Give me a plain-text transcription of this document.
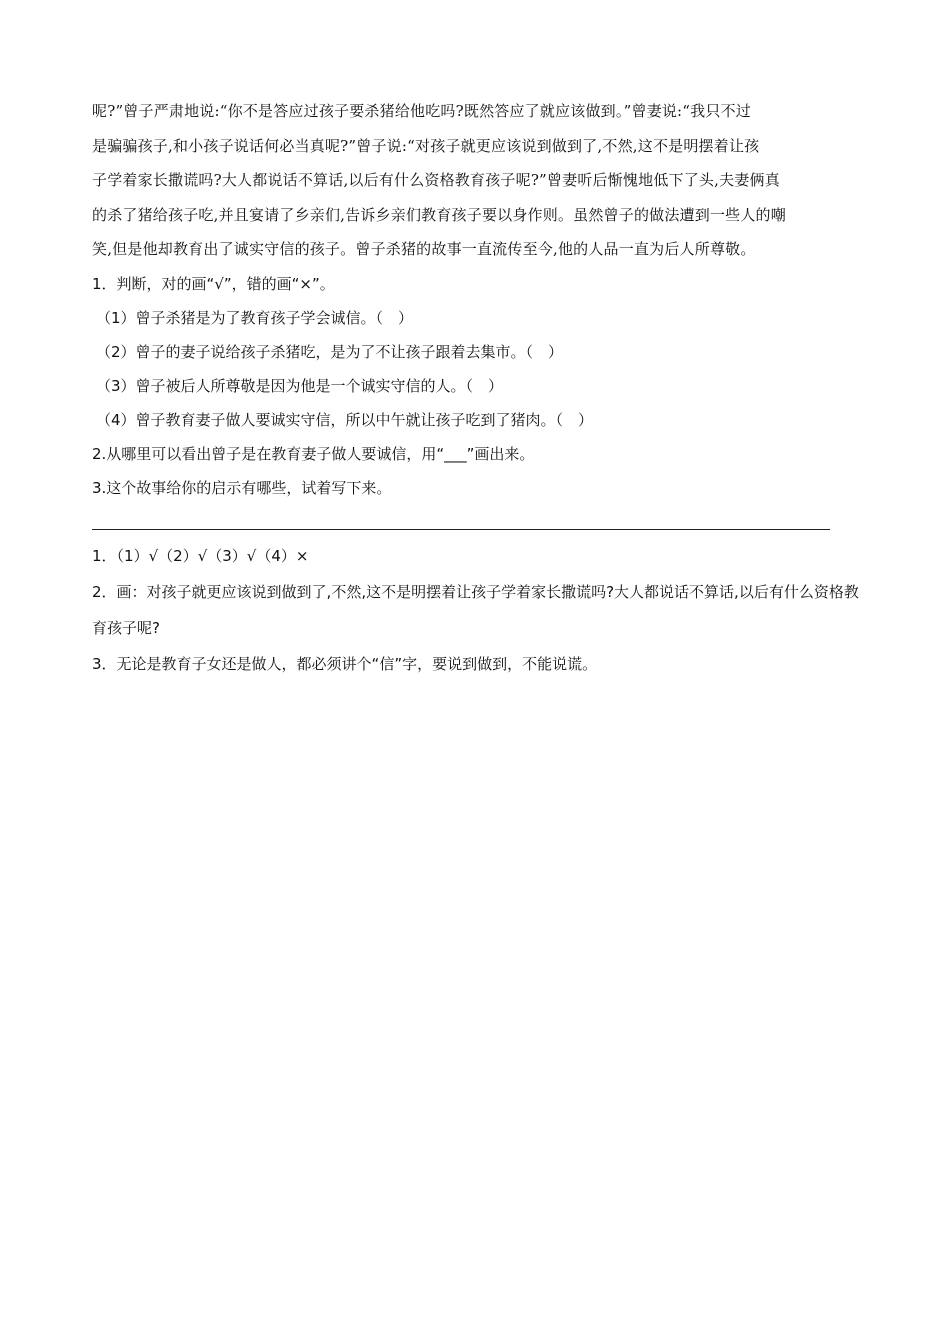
呢?”曾子严肃地说:“你不是答应过孩子要杀猪给他吃吗?既然答应了就应该做到。”曾妻说:“我只不过

是骗骗孩子,和小孩子说话何必当真呢?”曾子说:“对孩子就更应该说到做到了,不然,这不是明摆着让孩

子学着家长撒谎吗?大人都说话不算话,以后有什么资格教育孩子呢?”曾妻听后惭愧地低下了头,夫妻俩真

的杀了猪给孩子吃,并且宴请了乡亲们,告诉乡亲们教育孩子要以身作则。虽然曾子的做法遭到一些人的嘲

笑,但是他却教育出了诚实守信的孩子。曾子杀猪的故事一直流传至今,他的人品一直为后人所尊敬。

1．判断，对的画“√”，错的画“×”。

（1）曾子杀猪是为了教育孩子学会诚信。（　）

（2）曾子的妻子说给孩子杀猪吃，是为了不让孩子跟着去集市。（　）

（3）曾子被后人所尊敬是因为他是一个诚实守信的人。（　）

（4）曾子教育妻子做人要诚实守信，所以中午就让孩子吃到了猪肉。（　）

2.从哪里可以看出曾子是在教育妻子做人要诚信，用“___”画出来。

3.这个故事给你的启示有哪些，试着写下来。

1．（1）√（2）√（3）√（4）×

2．画：对孩子就更应该说到做到了,不然,这不是明摆着让孩子学着家长撒谎吗?大人都说话不算话,以后有什么资格教育孩子呢?

3．无论是教育子女还是做人，都必须讲个“信”字，要说到做到，不能说谎。
